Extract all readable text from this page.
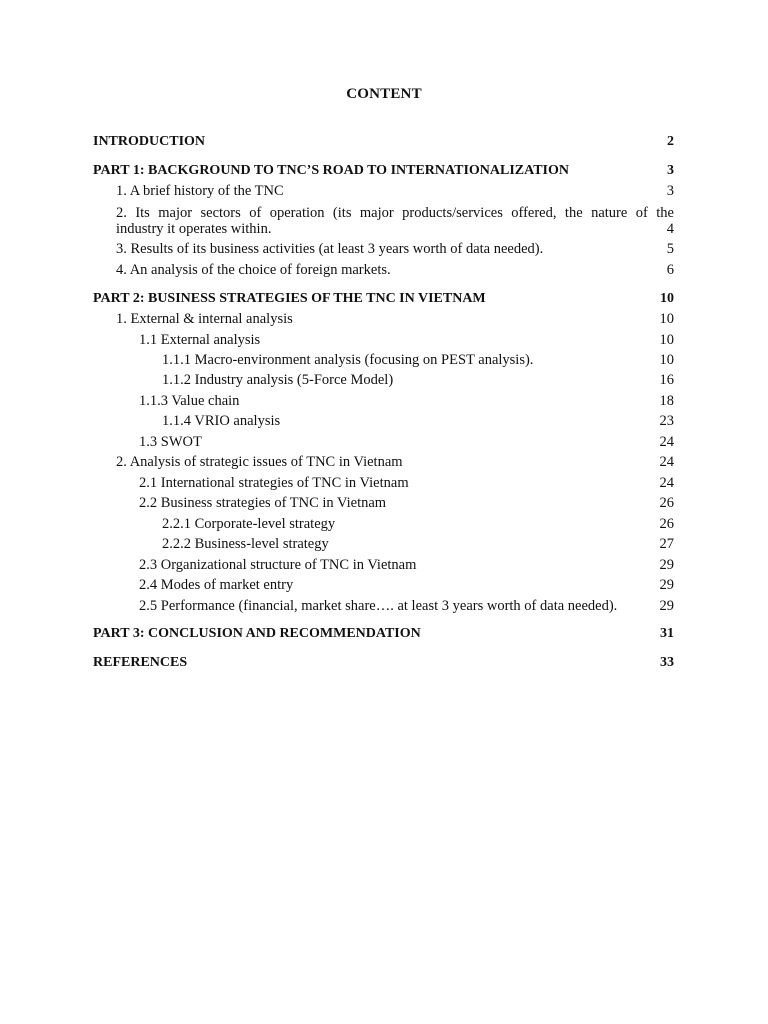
CONTENT
INTRODUCTION	2
PART 1: BACKGROUND TO TNC’S ROAD TO INTERNATIONALIZATION	3
1. A brief history of the TNC	3
2. Its major sectors of operation (its major products/services offered, the nature of the
industry it operates within.	4
3. Results of its business activities (at least 3 years worth of data needed).	5
4. An analysis of the choice of foreign markets.	6
PART 2: BUSINESS STRATEGIES OF THE TNC IN VIETNAM	10
1. External & internal analysis	10
1.1 External analysis	10
1.1.1 Macro-environment analysis (focusing on PEST analysis).	10
1.1.2 Industry analysis (5-Force Model)	16
1.1.3 Value chain	18
1.1.4 VRIO analysis	23
1.3 SWOT	24
2. Analysis of strategic issues of TNC in Vietnam	24
2.1 International strategies of TNC in Vietnam	24
2.2 Business strategies of TNC in Vietnam	26
2.2.1 Corporate-level strategy	26
2.2.2 Business-level strategy	27
2.3 Organizational structure of TNC in Vietnam	29
2.4 Modes of market entry	29
2.5 Performance (financial, market share…. at least 3 years worth of data needed).	29
PART 3: CONCLUSION AND RECOMMENDATION	31
REFERENCES	33
